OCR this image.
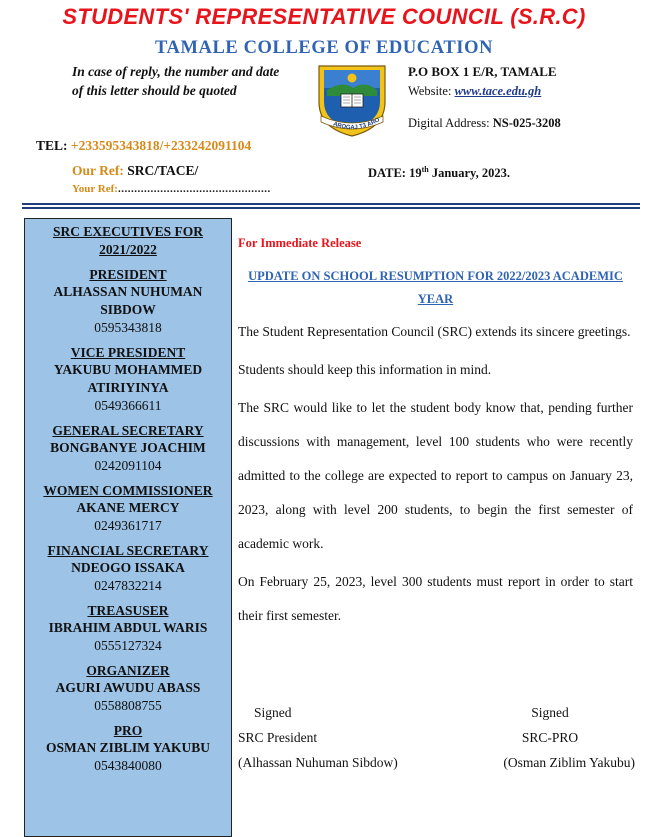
STUDENTS' REPRESENTATIVE COUNCIL (S.R.C)
TAMALE COLLEGE OF EDUCATION
In case of reply, the number and date
of this letter should be quoted
AROGAJ T3 ARO
P.O BOX 1 E/R, TAMALE
Website: www.tace.edu.gh
Digital Address: NS-025-3208
TEL: +233595343818/+233242091104
Our Ref: SRC/TACE/
Your Ref:...............................................
DATE: 19th January, 2023.
SRC EXECUTIVES FOR 2021/2022
PRESIDENT
ALHASSAN NUHUMAN SIBDOW
0595343818
VICE PRESIDENT
YAKUBU MOHAMMED ATIRIYINYA
0549366611
GENERAL SECRETARY
BONGBANYE JOACHIM
0242091104
WOMEN COMMISSIONER
AKANE MERCY
0249361717
FINANCIAL SECRETARY
NDEOGO ISSAKA
0247832214
TREASUSER
IBRAHIM ABDUL WARIS
0555127324
ORGANIZER
AGURI AWUDU ABASS
0558808755
PRO
OSMAN ZIBLIM YAKUBU
0543840080
For Immediate Release
UPDATE ON SCHOOL RESUMPTION FOR 2022/2023 ACADEMIC YEAR

The Student Representation Council (SRC) extends its sincere greetings.

Students should keep this information in mind.

The SRC would like to let the student body know that, pending further discussions with management, level 100 students who were recently admitted to the college are expected to report to campus on January 23, 2023, along with level 200 students, to begin the first semester of academic work.

On February 25, 2023, level 300 students must report in order to start their first semester.

Signed
SRC President
(Alhassan Nuhuman Sibdow)
Signed
SRC-PRO
(Osman Ziblim Yakubu)
